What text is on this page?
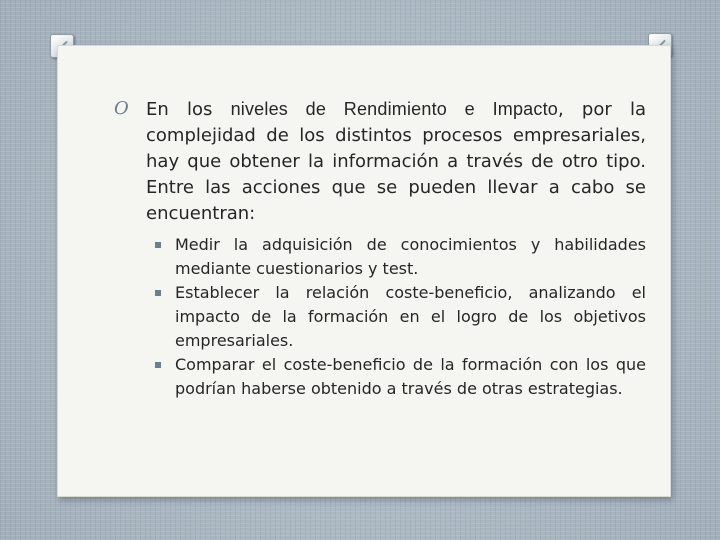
O En los niveles de Rendimiento e Impacto, por la complejidad de los distintos procesos empresariales, hay que obtener la información a través de otro tipo. Entre las acciones que se pueden llevar a cabo se encuentran:

Medir la adquisición de conocimientos y habilidades mediante cuestionarios y test.
Establecer la relación coste-beneficio, analizando el impacto de la formación en el logro de los objetivos empresariales.
Comparar el coste-beneficio de la formación con los que podrían haberse obtenido a través de otras estrategias.
